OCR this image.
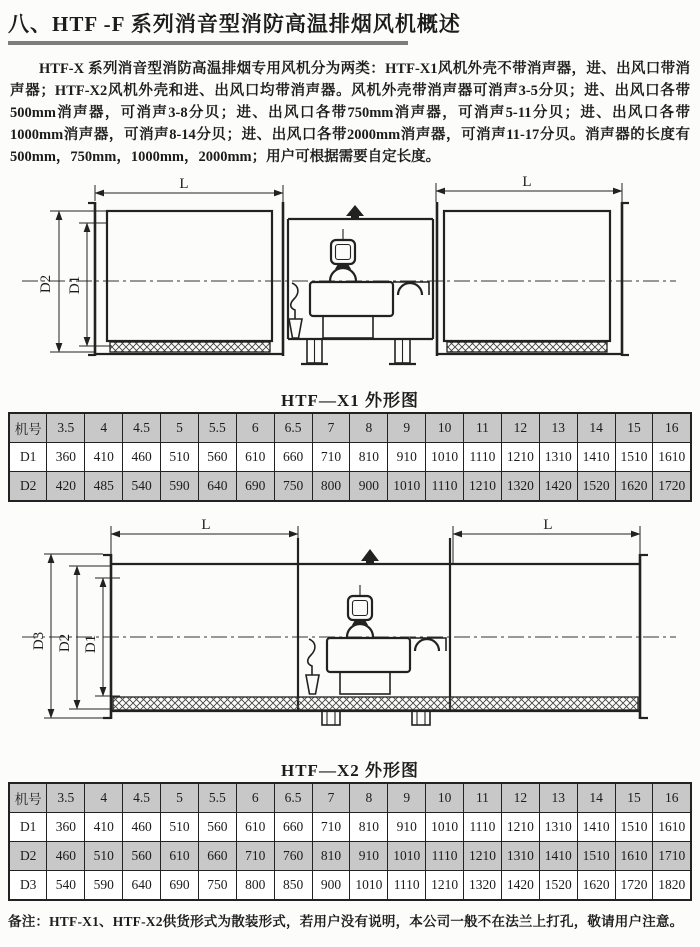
八、HTF -F 系列消音型消防高温排烟风机概述

HTF-X 系列消音型消防高温排烟专用风机分为两类：HTF-X1风机外壳不带消声器，进、出风口带消声器；HTF-X2风机外壳和进、出风口均带消声器。风机外壳带消声器可消声3-5分贝；进、出风口各带500mm消声器，可消声3-8分贝；进、出风口各带750mm消声器，可消声5-11分贝；进、出风口各带1000mm消声器，可消声8-14分贝；进、出风口各带2000mm消声器，可消声11-17分贝。消声器的长度有500mm，750mm，1000mm，2000mm；用户可根据需要自定长度。

L	L
D2 D1
HTF—X1 外形图
机号	3.5	4	4.5	5	5.5	6	6.5	7	8	9	10	11	12	13	14	15	16
D1	360	410	460	510	560	610	660	710	810	910	1010	1110	1210	1310	1410	1510	1610
D2	420	485	540	590	640	690	750	800	900	1010	1110	1210	1320	1420	1520	1620	1720
L	L
D3 D2 D1
HTF—X2 外形图
机号	3.5	4	4.5	5	5.5	6	6.5	7	8	9	10	11	12	13	14	15	16
D1	360	410	460	510	560	610	660	710	810	910	1010	1110	1210	1310	1410	1510	1610
D2	460	510	560	610	660	710	760	810	910	1010	1110	1210	1310	1410	1510	1610	1710
D3	540	590	640	690	750	800	850	900	1010	1110	1210	1320	1420	1520	1620	1720	1820

备注：HTF-X1、HTF-X2供货形式为散装形式，若用户没有说明，本公司一般不在法兰上打孔，敬请用户注意。
